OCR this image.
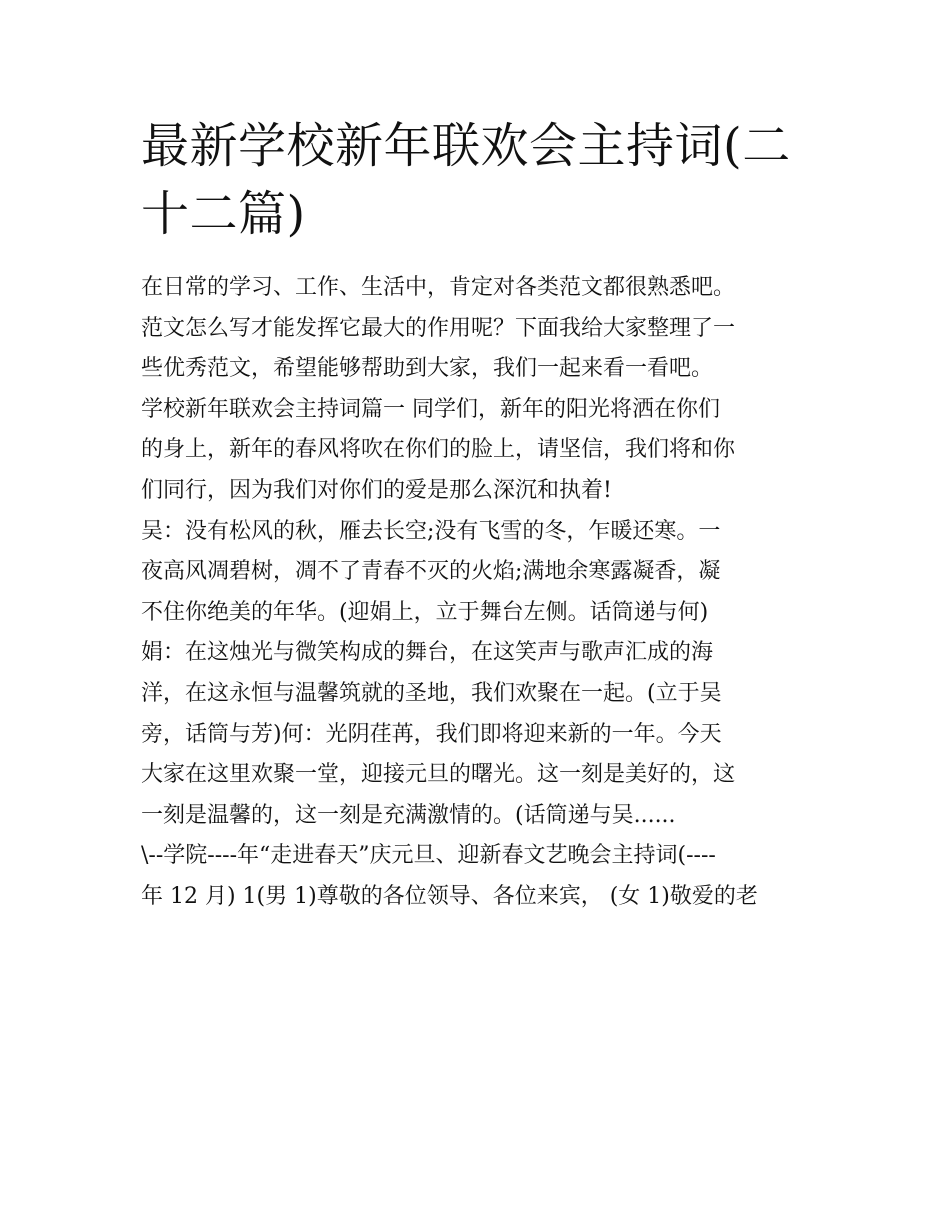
最新学校新年联欢会主持词(二
十二篇)

在日常的学习、工作、生活中，肯定对各类范文都很熟悉吧。
范文怎么写才能发挥它最大的作用呢？下面我给大家整理了一
些优秀范文，希望能够帮助到大家，我们一起来看一看吧。

学校新年联欢会主持词篇一 同学们，新年的阳光将洒在你们
的身上，新年的春风将吹在你们的脸上，请坚信，我们将和你
们同行，因为我们对你们的爱是那么深沉和执着!

吴：没有松风的秋，雁去长空;没有飞雪的冬，乍暖还寒。一
夜高风凋碧树，凋不了青春不灭的火焰;满地余寒露凝香，凝
不住你绝美的年华。(迎娟上，立于舞台左侧。话筒递与何)

娟：在这烛光与微笑构成的舞台，在这笑声与歌声汇成的海
洋，在这永恒与温馨筑就的圣地，我们欢聚在一起。(立于吴
旁，话筒与芳)何：光阴荏苒，我们即将迎来新的一年。今天
大家在这里欢聚一堂，迎接元旦的曙光。这一刻是美好的，这
一刻是温馨的，这一刻是充满激情的。(话筒递与吴......

\--学院----年“走进春天”庆元旦、迎新春文艺晚会主持词(----
年 12 月) 1(男 1)尊敬的各位领导、各位来宾， (女 1)敬爱的老
